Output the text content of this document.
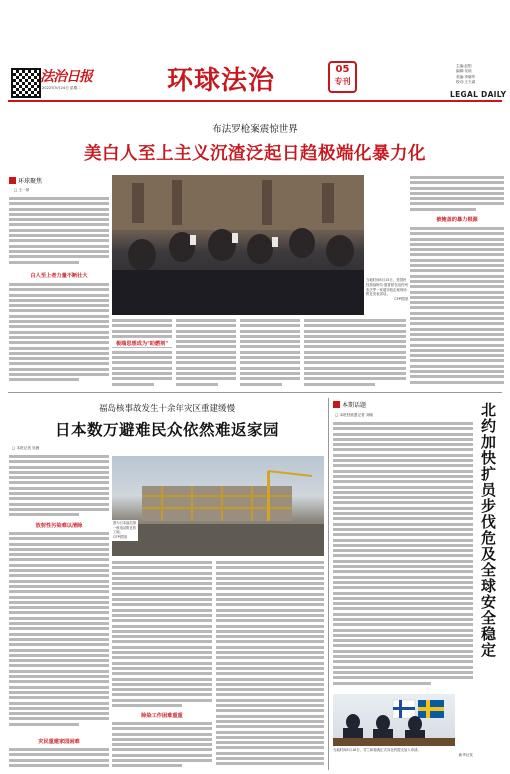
法治日报
2022年5月24日 星期二	环球法治	05
专刊
主编:赵阳
编辑:吴琼
美编:李晓军
校对:王天睿
LEGAL DAILY
布法罗枪案震惊世界
美白人至上主义沉渣泛起日趋极端化暴力化
环球聚焦
□ 王一顿
白人至上者力量不断壮大
当地时间5月15日，美国民权领袖阿尔·夏普顿在纽约州布法罗一家超市枪击案现场附近发表讲话。
CFP供图
被掩盖的暴力根源
极端思想成为"助燃剂"
福岛核事故发生十余年灾区重建缓慢
日本数万避难民众依然难返家园
□ 本报记者 吴薇
放射性污染难以清除
灾民重建家园困难
图为日本福岛第一核电站附近的工地。
CFP供图
除染工作困难重重
本期话题
□ 本报驻欧盟记者 刘晓	北约加快扩员步伐危及全球安全稳定
当地时间5月18日，芬兰和瑞典正式向北约提交加入申请。
新华社发
